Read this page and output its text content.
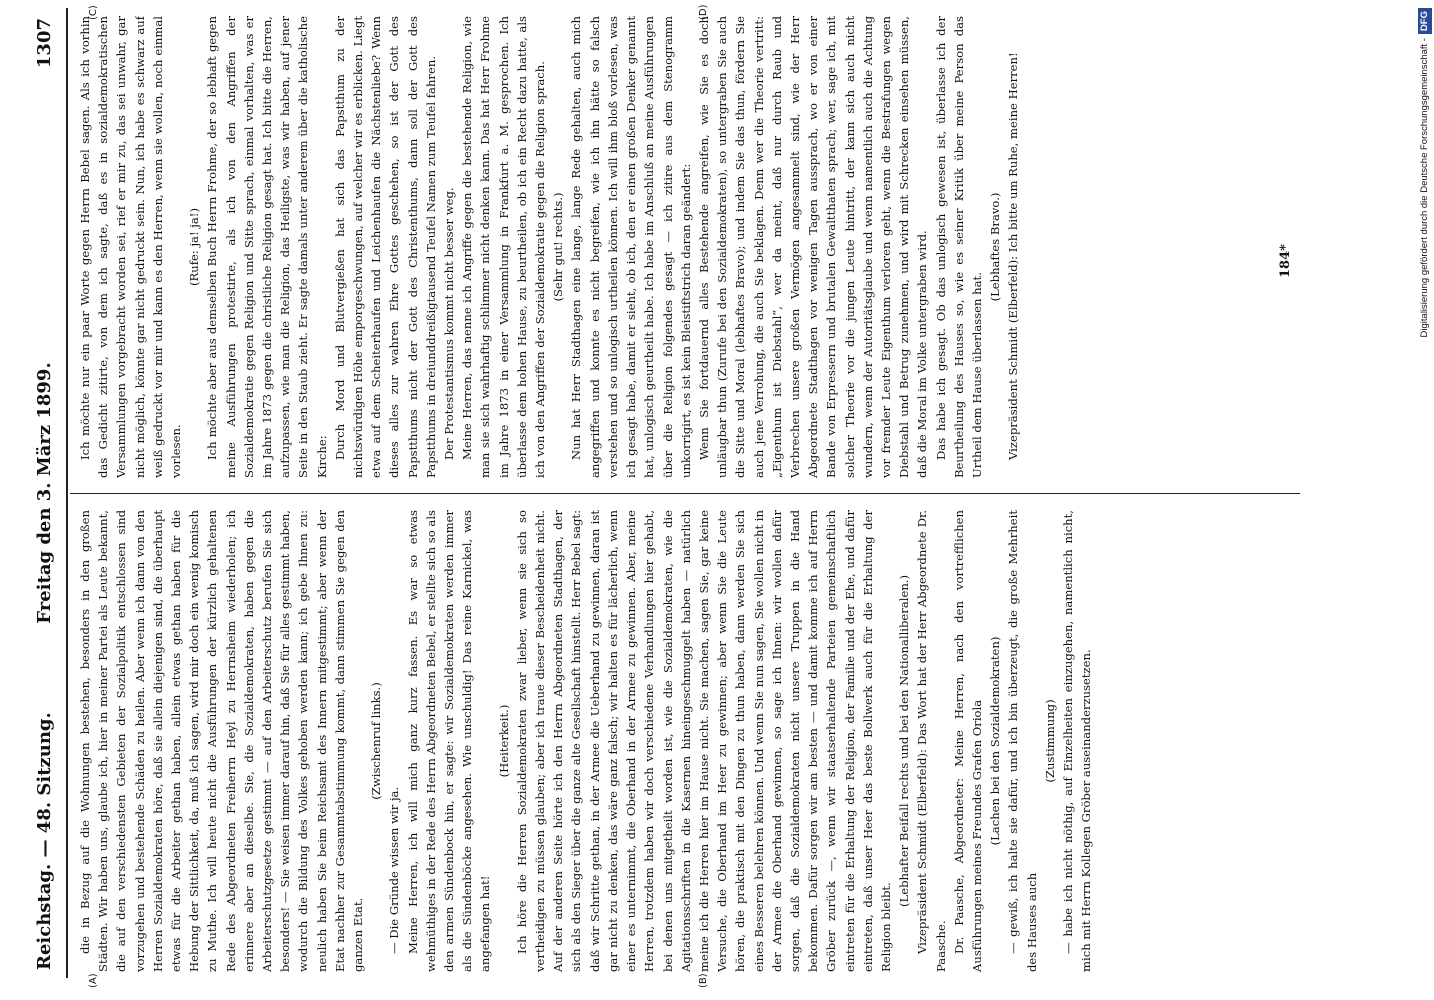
Reichstag. — 48. Sitzung.
Freitag den 3. März 1899.
1307
(A)	(B)
(C)	(D)

die in Bezug auf die Wohnungen bestehen, besonders in den großen Städten. Wir haben uns, glaube ich, hier in meiner Partei als Leute bekannt, die auf den verschiedensten Gebieten der Sozialpolitik entschlossen sind vorzugehen und bestehende Schäden zu heilen. Aber wenn ich dann von den Herren Sozialdemokraten höre, daß sie allein diejenigen sind, die überhaupt etwas für die Arbeiter gethan haben, allein etwas gethan haben für die Hebung der Sittlichkeit, da, muß ich sagen, wird mir doch ein wenig komisch zu Muthe. Ich will heute nicht die Ausführungen der kürzlich gehaltenen Rede des Abgeordneten Freiherrn Heyl zu Herrnsheim wiederholen; ich erinnere aber an dieselbe. Sie, die Sozialdemokraten, haben gegen die Arbeiterschutzgesetze gestimmt — auf den Arbeiterschutz berufen Sie sich besonders! — Sie weisen immer darauf hin, daß Sie für alles gestimmt haben, wodurch die Bildung des Volkes gehoben werden kann; ich gebe Ihnen zu: neulich haben Sie beim Reichsamt des Innern mitgestimmt; aber wenn der Etat nachher zur Gesammtabstimmung kommt, dann stimmen Sie gegen den ganzen Etat.

(Zwischenruf links.)

— Die Gründe wissen wir ja. Meine Herren, ich will mich ganz kurz fassen. Es war so etwas wehmüthiges in der Rede des Herrn Abgeordneten Bebel, er stellte sich so als den armen Sündenbock hin, er sagte: wir Sozialdemokraten werden immer als die Sündenböcke angesehen. Wie unschuldig! Das reine Karnickel, was angefangen hat!

(Heiterkeit.) Ich höre die Herren Sozialdemokraten zwar lieber, wenn sie sich so vertheidigen zu müssen glauben; aber ich traue dieser Bescheidenheit nicht. Auf der anderen Seite hörte ich den Herrn Abgeordneten Stadthagen, der sich als den Sieger über die ganze alte Gesellschaft hinstellt. Herr Bebel sagt: daß wir Schritte gethan, in der Armee die Ueberhand zu gewinnen, daran ist gar nicht zu denken, das wäre ganz falsch; wir halten es für lächerlich, wenn einer es unternimmt, die Oberhand in der Armee zu gewinnen. Aber, meine Herren, trotzdem haben wir doch verschiedene Verhandlungen hier gehabt, bei denen uns mitgetheilt worden ist, wie die Sozialdemokraten, wie die Agitationsschriften in die Kasernen hineingeschmuggelt haben — natürlich meine ich die Herren hier im Hause nicht. Sie machen, sagen Sie, gar keine Versuche, die Oberhand im Heer zu gewinnen; aber wenn Sie die Leute hören, die praktisch mit den Dingen zu thun haben, dann werden Sie sich eines Besseren belehren können. Und wenn Sie nun sagen, Sie wollen nicht in der Armee die Oberhand gewinnen, so sage ich Ihnen: wir wollen dafür sorgen, daß die Sozialdemokraten nicht unsere Truppen in die Hand bekommen. Dafür sorgen wir am besten — und damit komme ich auf Herrn Gröber zurück —, wenn wir staatserhaltende Parteien gemeinschaftlich eintreten für die Erhaltung der Religion, der Familie und der Ehe, und dafür eintreten, daß unser Heer das beste Bollwerk auch für die Erhaltung der Religion bleibt.

(Lebhafter Beifall rechts und bei den Nationalliberalen.) Vizepräsident Schmidt (Elberfeld): Das Wort hat der Herr Abgeordnete Dr. Paasche. Dr. Paasche, Abgeordneter: Meine Herren, nach den vortrefflichen Ausführungen meines Freundes Grafen Oriola (Lachen bei den Sozialdemokraten) — gewiß, ich halte sie dafür, und ich bin überzeugt, die große Mehrheit des Hauses auch

(Zustimmung) — habe ich nicht nöthig, auf Einzelheiten einzugehen, namentlich nicht, mich mit Herrn Kollegen Gröber auseinanderzusetzen.

Ich möchte nur ein paar Worte gegen Herrn Bebel sagen. Als ich vorhin das Gedicht zitirte, von dem ich sagte, daß es in sozialdemokratischen Versammlungen vorgebracht worden sei, rief er mir zu, das sei unwahr, gar nicht möglich, könnte gar nicht gedruckt sein. Nun, ich habe es schwarz auf weiß gedruckt vor mir und kann es den Herren, wenn sie wollen, noch einmal vorlesen.

(Rufe: ja! ja!) Ich möchte aber aus demselben Buch Herrn Frohme, der so lebhaft gegen meine Ausführungen protestirte, als ich von den Angriffen der Sozialdemokratie gegen Religion und Sitte sprach, einmal vorhalten, was er im Jahre 1873 gegen die christliche Religion gesagt hat. Ich bitte die Herren, aufzupassen, wie man die Religion, das Heiligste, was wir haben, auf jener Seite in den Staub zieht. Er sagte damals unter anderem über die katholische Kirche: Durch Mord und Blutvergießen hat sich das Papstthum zu der nichtswürdigen Höhe emporgeschwungen, auf welcher wir es erblicken. Liegt etwa auf dem Scheiterhaufen und Leichenhaufen die Nächstenliebe? Wenn dieses alles zur wahren Ehre Gottes geschehen, so ist der Gott des Papstthums nicht der Gott des Christenthums, dann soll der Gott des Papstthums in dreiunddreißigtausend Teufel Namen zum Teufel fahren. Der Protestantismus kommt nicht besser weg. Meine Herren, das nenne ich Angriffe gegen die bestehende Religion, wie man sie sich wahrhaftig schlimmer nicht denken kann. Das hat Herr Frohme im Jahre 1873 in einer Versammlung in Frankfurt a. M. gesprochen. Ich überlasse dem hohen Hause, zu beurtheilen, ob ich ein Recht dazu hatte, als ich von den Angriffen der Sozialdemokratie gegen die Religion sprach. (Sehr gut! rechts.) Nun hat Herr Stadthagen eine lange, lange Rede gehalten, auch mich angegriffen und konnte es nicht begreifen, wie ich ihn hätte so falsch verstehen und so unlogisch urtheilen können. Ich will ihm bloß vorlesen, was ich gesagt habe, damit er sieht, ob ich, den er einen großen Denker genannt hat, unlogisch geurtheilt habe. Ich habe im Anschluß an meine Ausführungen über die Religion folgendes gesagt — ich zitire aus dem Stenogramm unkorrigirt, es ist kein Bleistiftstrich daran geändert: Wenn Sie fortdauernd alles Bestehende angreifen, wie Sie es doch unläugbar thun (Zurufe bei den Sozialdemokraten), so untergraben Sie auch die Sitte und Moral (lebhaftes Bravo); und indem Sie das thun, fördern Sie auch jene Verrohung, die auch Sie beklagen. Denn wer die Theorie vertritt: „Eigenthum ist Diebstahl“, wer da meint, daß nur durch Raub und Verbrechen unsere großen Vermögen angesammelt sind, wie der Herr Abgeordnete Stadthagen vor wenigen Tagen aussprach, wo er von einer Bande von Erpressern und brutalen Gewaltthaten sprach; wer, sage ich, mit solcher Theorie vor die jungen Leute hintritt, der kann sich auch nicht wundern, wenn der Autoritätsglaube und wenn namentlich auch die Achtung vor fremder Leute Eigenthum verloren geht, wenn die Bestrafungen wegen Diebstahl und Betrug zunehmen, und wird mit Schrecken einsehen müssen, daß die Moral im Volke untergraben wird. Das habe ich gesagt. Ob das unlogisch gewesen ist, überlasse ich der Beurtheilung des Hauses so, wie es seiner Kritik über meine Person das Urtheil dem Hause überlassen hat.

(Lebhaftes Bravo.) Vizepräsident Schmidt (Elberfeld): Ich bitte um Ruhe, meine Herren!	184*	Digitalisierung gefördert durch die Deutsche Forschungsgemeinschaft -DFG
